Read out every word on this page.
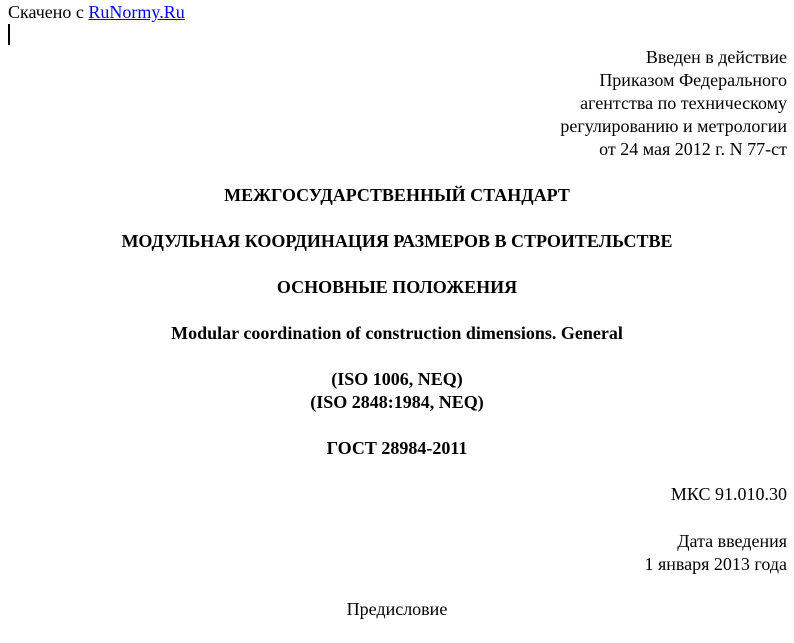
Скачено с RuNormy.Ru
Введен в действие
Приказом Федерального
агентства по техническому
регулированию и метрологии
от 24 мая 2012 г. N 77-ст
МЕЖГОСУДАРСТВЕННЫЙ СТАНДАРТ
МОДУЛЬНАЯ КООРДИНАЦИЯ РАЗМЕРОВ В СТРОИТЕЛЬСТВЕ
ОСНОВНЫЕ ПОЛОЖЕНИЯ
Modular coordination of construction dimensions. General
(ISO 1006, NEQ)
(ISO 2848:1984, NEQ)
ГОСТ 28984-2011
МКС 91.010.30
Дата введения
1 января 2013 года
Предисловие
